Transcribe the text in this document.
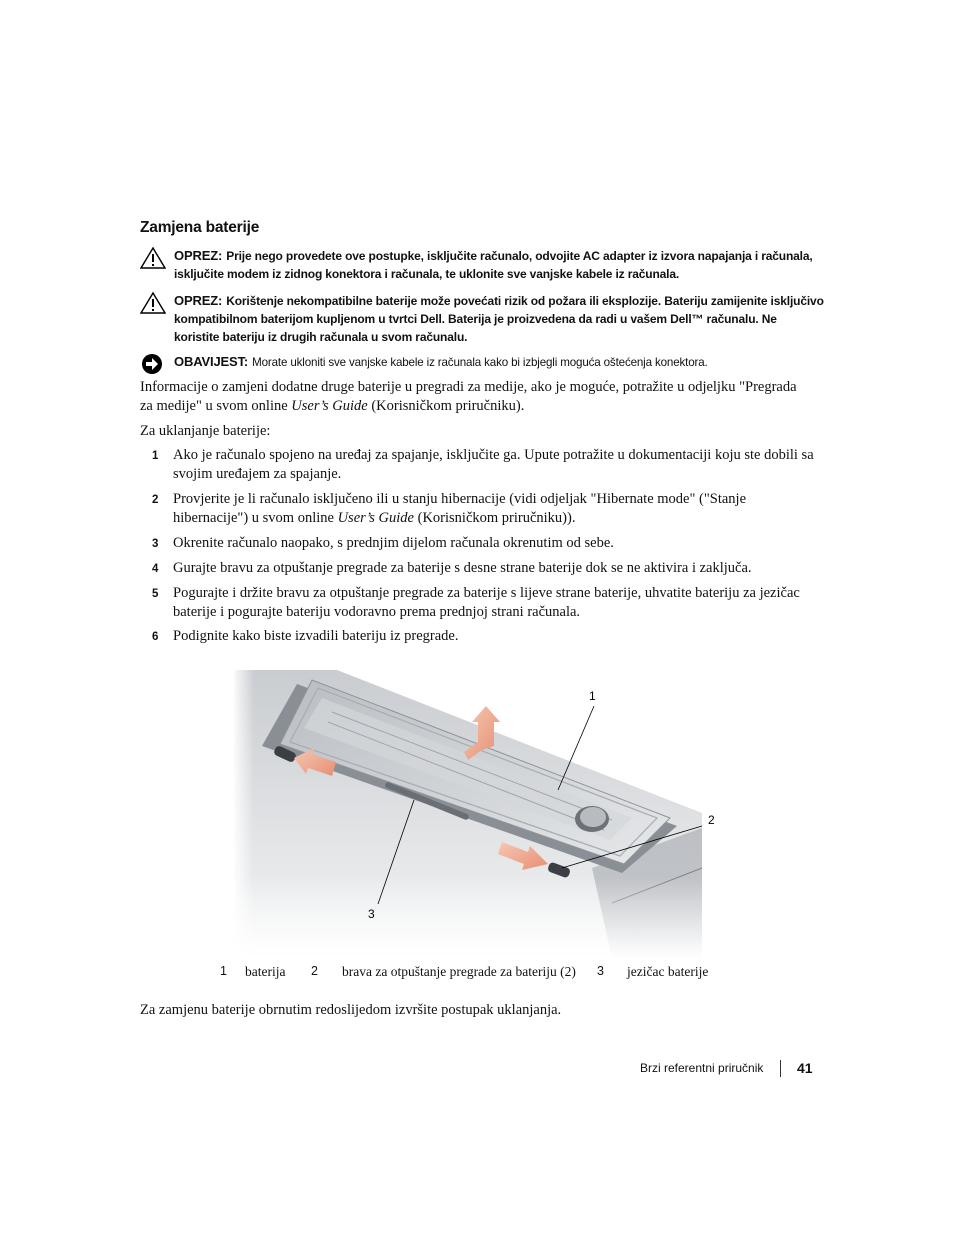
Zamjena baterije
OPREZ: Prije nego provedete ove postupke, isključite računalo, odvojite AC adapter iz izvora napajanja i računala, isključite modem iz zidnog konektora i računala, te uklonite sve vanjske kabele iz računala.
OPREZ: Korištenje nekompatibilne baterije može povećati rizik od požara ili eksplozije. Bateriju zamijenite isključivo kompatibilnom baterijom kupljenom u tvrtci Dell. Baterija je proizvedena da radi u vašem Dell™ računalu. Ne koristite bateriju iz drugih računala u svom računalu.
OBAVIJEST: Morate ukloniti sve vanjske kabele iz računala kako bi izbjegli moguća oštećenja konektora.
Informacije o zamjeni dodatne druge baterije u pregradi za medije, ako je moguće, potražite u odjeljku "Pregrada za medije" u svom online User’s Guide (Korisničkom priručniku).
Za uklanjanje baterije:
1 Ako je računalo spojeno na uređaj za spajanje, isključite ga. Upute potražite u dokumentaciji koju ste dobili sa svojim uređajem za spajanje.
2 Provjerite je li računalo isključeno ili u stanju hibernacije (vidi odjeljak "Hibernate mode" ("Stanje hibernacije") u svom online User’s Guide (Korisničkom priručniku)).
3 Okrenite računalo naopako, s prednjim dijelom računala okrenutim od sebe.
4 Gurajte bravu za otpuštanje pregrade za baterije s desne strane baterije dok se ne aktivira i zaključa.
5 Pogurajte i držite bravu za otpuštanje pregrade za baterije s lijeve strane baterije, uhvatite bateriju za jezičac baterije i pogurajte bateriju vodoravno prema prednjoj strani računala.
6 Podignite kako biste izvadili bateriju iz pregrade.
1
2
3
1 baterija 2 brava za otpuštanje pregrade za bateriju (2) 3 jezičac baterije
Za zamjenu baterije obrnutim redoslijedom izvršite postupak uklanjanja.
Brzi referentni priručnik 41
